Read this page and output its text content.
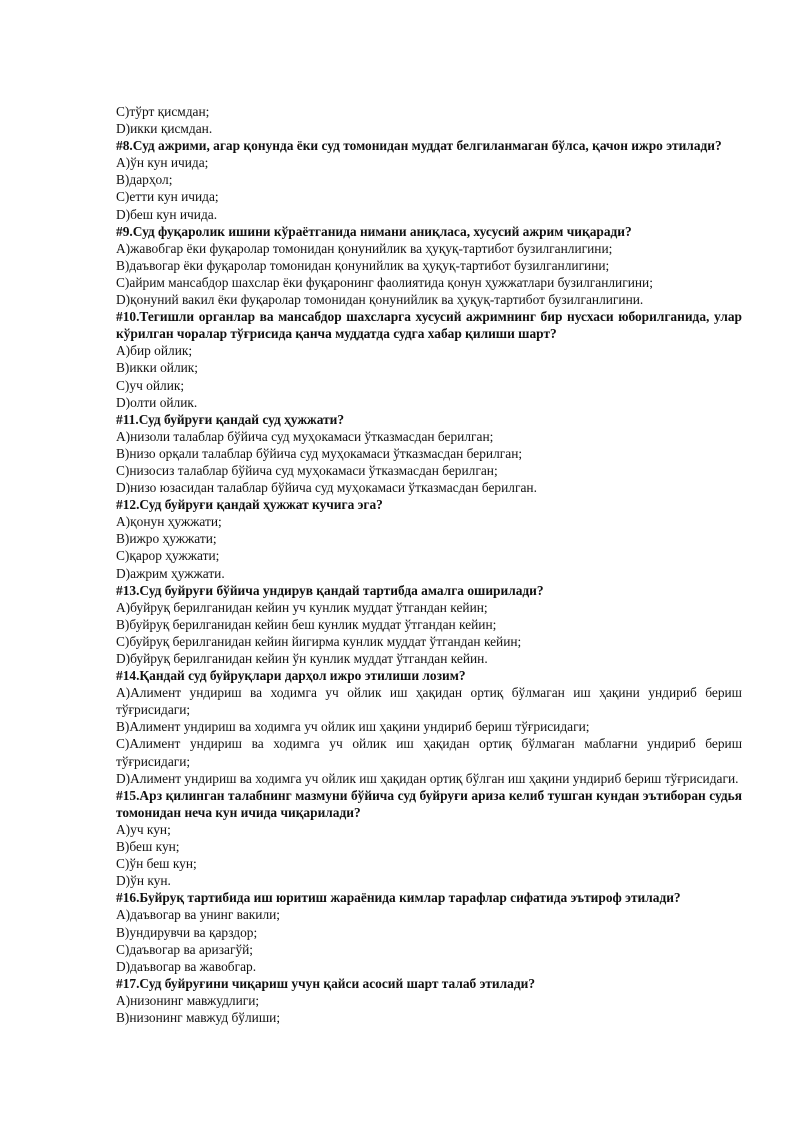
C)тўрт қисмдан;
D)икки қисмдан.
#8.Суд ажрими, агар қонунда ёки суд томонидан муддат белгиланмаган бўлса, қачон ижро этилади?
A)ўн кун ичида;
B)дарҳол;
C)етти кун ичида;
D)беш кун ичида.
#9.Суд фуқаролик ишини кўраётганида нимани аниқласа, хусусий ажрим чиқаради?
A)жавобгар ёки фуқаролар томонидан қонунийлик ва ҳуқуқ-тартибот бузилганлигини;
B)даъвогар ёки фуқаролар томонидан қонунийлик ва ҳуқуқ-тартибот бузилганлигини;
C)айрим мансабдор шахслар ёки фуқаронинг фаолиятида қонун ҳужжатлари бузилганлигини;
D)қонуний вакил ёки фуқаролар томонидан қонунийлик ва ҳуқуқ-тартибот бузилганлигини.
#10.Тегишли органлар ва мансабдор шахсларга хусусий ажримнинг бир нусхаси юборилганида, улар кўрилган чоралар тўғрисида қанча муддатда судга хабар қилиши шарт?
A)бир ойлик;
B)икки ойлик;
C)уч ойлик;
D)олти ойлик.
#11.Суд буйруғи қандай суд ҳужжати?
A)низоли талаблар бўйича суд муҳокамаси ўтказмасдан берилган;
B)низо орқали талаблар бўйича суд муҳокамаси ўтказмасдан берилган;
C)низосиз талаблар бўйича суд муҳокамаси ўтказмасдан берилган;
D)низо юзасидан талаблар бўйича суд муҳокамаси ўтказмасдан берилган.
#12.Суд буйруғи қандай ҳужжат кучига эга?
A)қонун ҳужжати;
B)ижро ҳужжати;
C)қарор ҳужжати;
D)ажрим ҳужжати.
#13.Суд буйруғи бўйича ундирув қандай тартибда амалга оширилади?
A)буйруқ берилганидан кейин уч кунлик муддат ўтгандан кейин;
B)буйруқ берилганидан кейин беш кунлик муддат ўтгандан кейин;
C)буйруқ берилганидан кейин йигирма кунлик муддат ўтгандан кейин;
D)буйруқ берилганидан кейин ўн кунлик муддат ўтгандан кейин.
#14.Қандай суд буйруқлари дарҳол ижро этилиши лозим?
A)Алимент ундириш ва ходимга уч ойлик иш ҳақидан ортиқ бўлмаган иш ҳақини ундириб бериш тўғрисидаги;
B)Алимент ундириш ва ходимга уч ойлик иш ҳақини ундириб бериш тўғрисидаги;
C)Алимент ундириш ва ходимга уч ойлик иш ҳақидан ортиқ бўлмаган маблағни ундириб бериш тўғрисидаги;
D)Алимент ундириш ва ходимга уч ойлик иш ҳақидан ортиқ бўлган иш ҳақини ундириб бериш тўғрисидаги.
#15.Арз қилинган талабнинг мазмуни бўйича суд буйруғи ариза келиб тушган кундан эътиборан судья томонидан неча кун ичида чиқарилади?
A)уч кун;
B)беш кун;
C)ўн беш кун;
D)ўн кун.
#16.Буйруқ тартибида иш юритиш жараёнида кимлар тарафлар сифатида эътироф этилади?
A)даъвогар ва унинг вакили;
B)ундирувчи ва қарздор;
C)даъвогар ва аризагўй;
D)даъвогар ва жавобгар.
#17.Суд буйруғини чиқариш учун қайси асосий шарт талаб этилади?
A)низонинг мавжудлиги;
B)низонинг мавжуд бўлиши;
